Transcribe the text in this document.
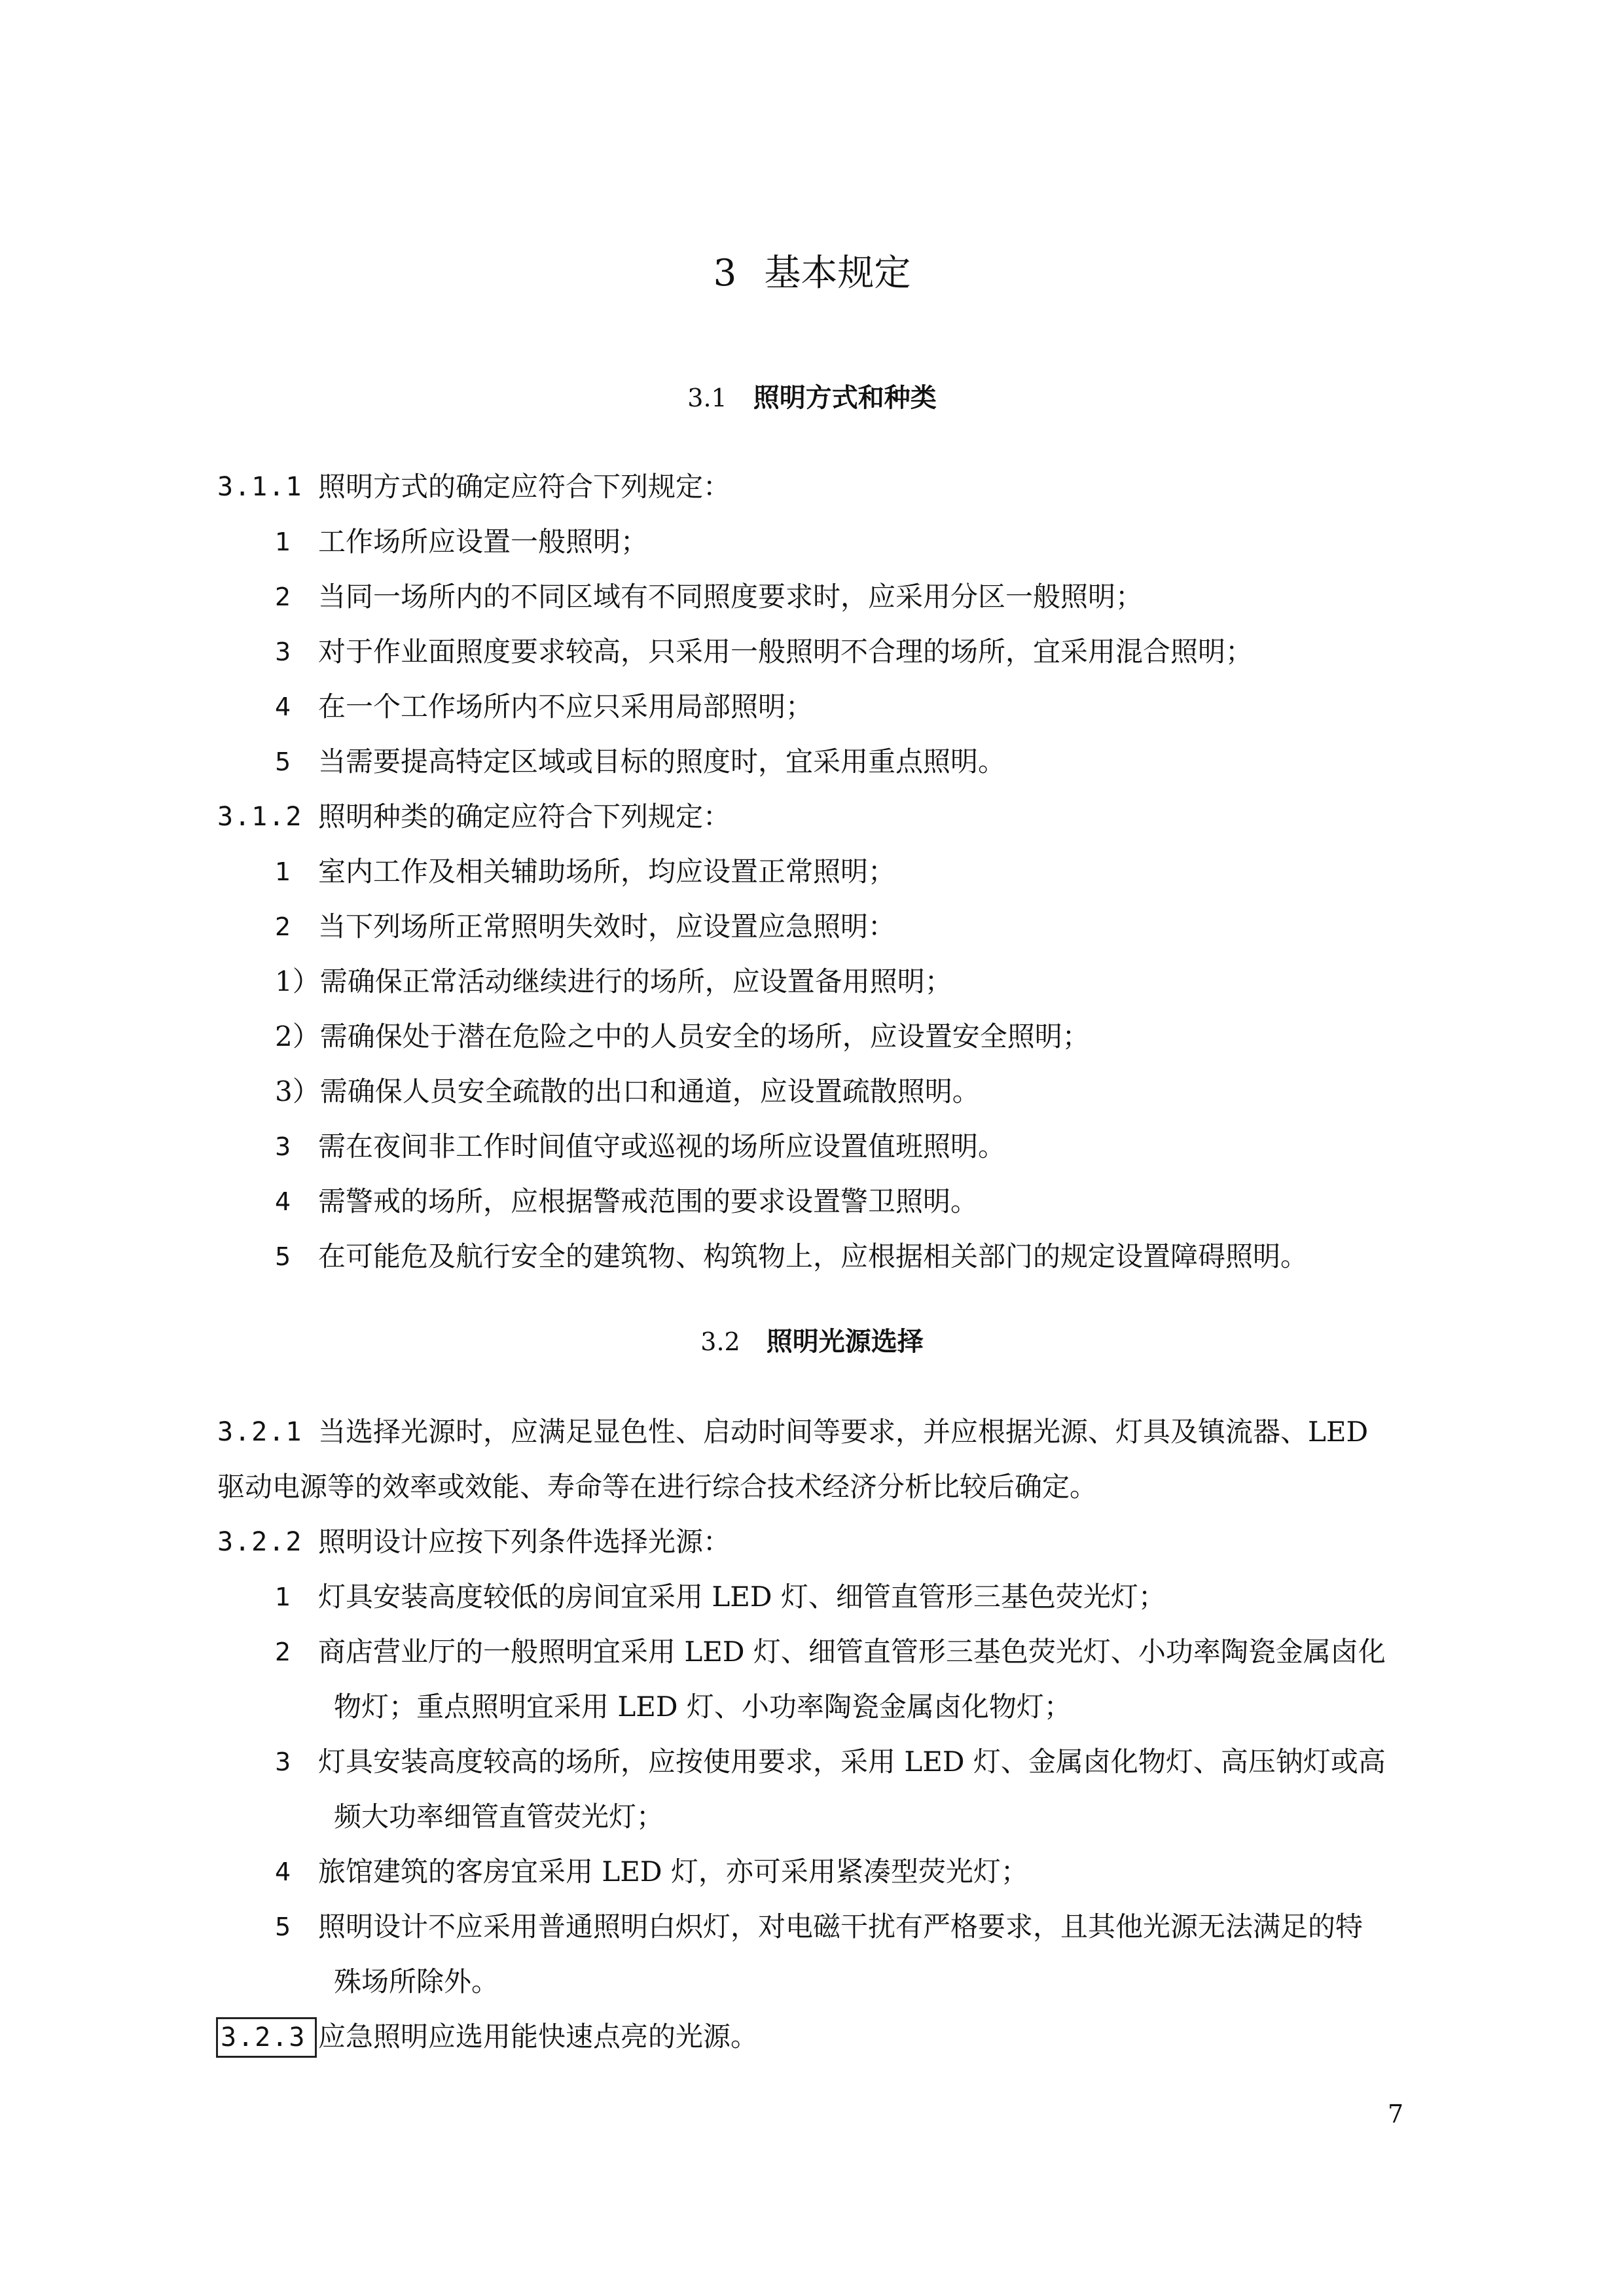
3 基本规定
3.1 照明方式和种类
3.1.1 照明方式的确定应符合下列规定：
1 工作场所应设置一般照明；
2 当同一场所内的不同区域有不同照度要求时，应采用分区一般照明；
3 对于作业面照度要求较高，只采用一般照明不合理的场所，宜采用混合照明；
4 在一个工作场所内不应只采用局部照明；
5 当需要提高特定区域或目标的照度时，宜采用重点照明。
3.1.2 照明种类的确定应符合下列规定：
1 室内工作及相关辅助场所，均应设置正常照明；
2 当下列场所正常照明失效时，应设置应急照明：
1）需确保正常活动继续进行的场所，应设置备用照明；
2）需确保处于潜在危险之中的人员安全的场所，应设置安全照明；
3）需确保人员安全疏散的出口和通道，应设置疏散照明。
3 需在夜间非工作时间值守或巡视的场所应设置值班照明。
4 需警戒的场所，应根据警戒范围的要求设置警卫照明。
5 在可能危及航行安全的建筑物、构筑物上，应根据相关部门的规定设置障碍照明。
3.2 照明光源选择
3.2.1 当选择光源时，应满足显色性、启动时间等要求，并应根据光源、灯具及镇流器、LED
驱动电源等的效率或效能、寿命等在进行综合技术经济分析比较后确定。
3.2.2 照明设计应按下列条件选择光源：
1 灯具安装高度较低的房间宜采用 LED 灯、细管直管形三基色荧光灯；
2 商店营业厅的一般照明宜采用 LED 灯、细管直管形三基色荧光灯、小功率陶瓷金属卤化
物灯；重点照明宜采用 LED 灯、小功率陶瓷金属卤化物灯；
3 灯具安装高度较高的场所，应按使用要求，采用 LED 灯、金属卤化物灯、高压钠灯或高
频大功率细管直管荧光灯；
4 旅馆建筑的客房宜采用 LED 灯，亦可采用紧凑型荧光灯；
5 照明设计不应采用普通照明白炽灯，对电磁干扰有严格要求，且其他光源无法满足的特
殊场所除外。
3.2.3 应急照明应选用能快速点亮的光源。
7
